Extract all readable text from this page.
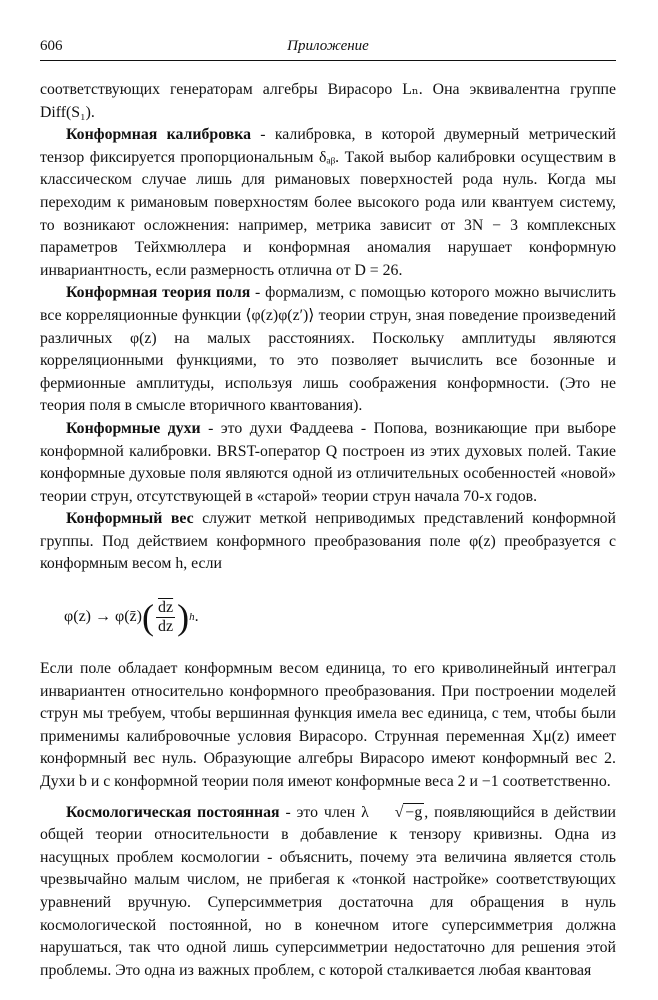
606	Приложение

соответствующих генераторам алгебры Вирасоро Lₙ. Она эквивалентна группе Diff(S₁).

Конформная калибровка - калибровка, в которой двумерный метрический тензор фиксируется пропорциональным δₐᵦ. Такой выбор калибровки осуществим в классическом случае лишь для римановых поверхностей рода нуль. Когда мы переходим к римановым поверхностям более высокого рода или квантуем систему, то возникают осложнения: например, метрика зависит от 3N − 3 комплексных параметров Тейхмюллера и конформная аномалия нарушает конформную инвариантность, если размерность отлична от D = 26.

Конформная теория поля - формализм, с помощью которого можно вычислить все корреляционные функции ⟨φ(z)φ(z′)⟩ теории струн, зная поведение произведений различных φ(z) на малых расстояниях. Поскольку амплитуды являются корреляционными функциями, то это позволяет вычислить все бозонные и фермионные амплитуды, используя лишь соображения конформности. (Это не теория поля в смысле вторичного квантования).

Конформные духи - это духи Фаддеева - Попова, возникающие при выборе конформной калибровки. BRST-оператор Q построен из этих духовых полей. Такие конформные духовые поля являются одной из отличительных особенностей «новой» теории струн, отсутствующей в «старой» теории струн начала 70-х годов.

Конформный вес служит меткой неприводимых представлений конформной группы. Под действием конформного преобразования поле φ(z) преобразуется с конформным весом h, если

φ(z) → φ(z̄) ( $\frac{\overline{dz}}{dz}$ ) h .

Если поле обладает конформным весом единица, то его криволинейный интеграл инвариантен относительно конформного преобразования. При построении моделей струн мы требуем, чтобы вершинная функция имела вес единица, с тем, чтобы были применимы калибровочные условия Вирасоро. Струнная переменная Xμ(z) имеет конформный вес нуль. Образующие алгебры Вирасоро имеют конформный вес 2. Духи b и c конформной теории поля имеют конформные веса 2 и −1 соответственно.

Космологическая постоянная - это член λ √ −g , появляющийся в действии общей теории относительности в добавление к тензору кривизны. Одна из насущных проблем космологии - объяснить, почему эта величина является столь чрезвычайно малым числом, не прибегая к «тонкой настройке» соответствующих уравнений вручную. Суперсимметрия достаточна для обращения в нуль космологической постоянной, но в конечном итоге суперсимметрия должна нарушаться, так что одной лишь суперсимметрии недостаточно для решения этой проблемы. Это одна из важных проблем, с которой сталкивается любая квантовая
